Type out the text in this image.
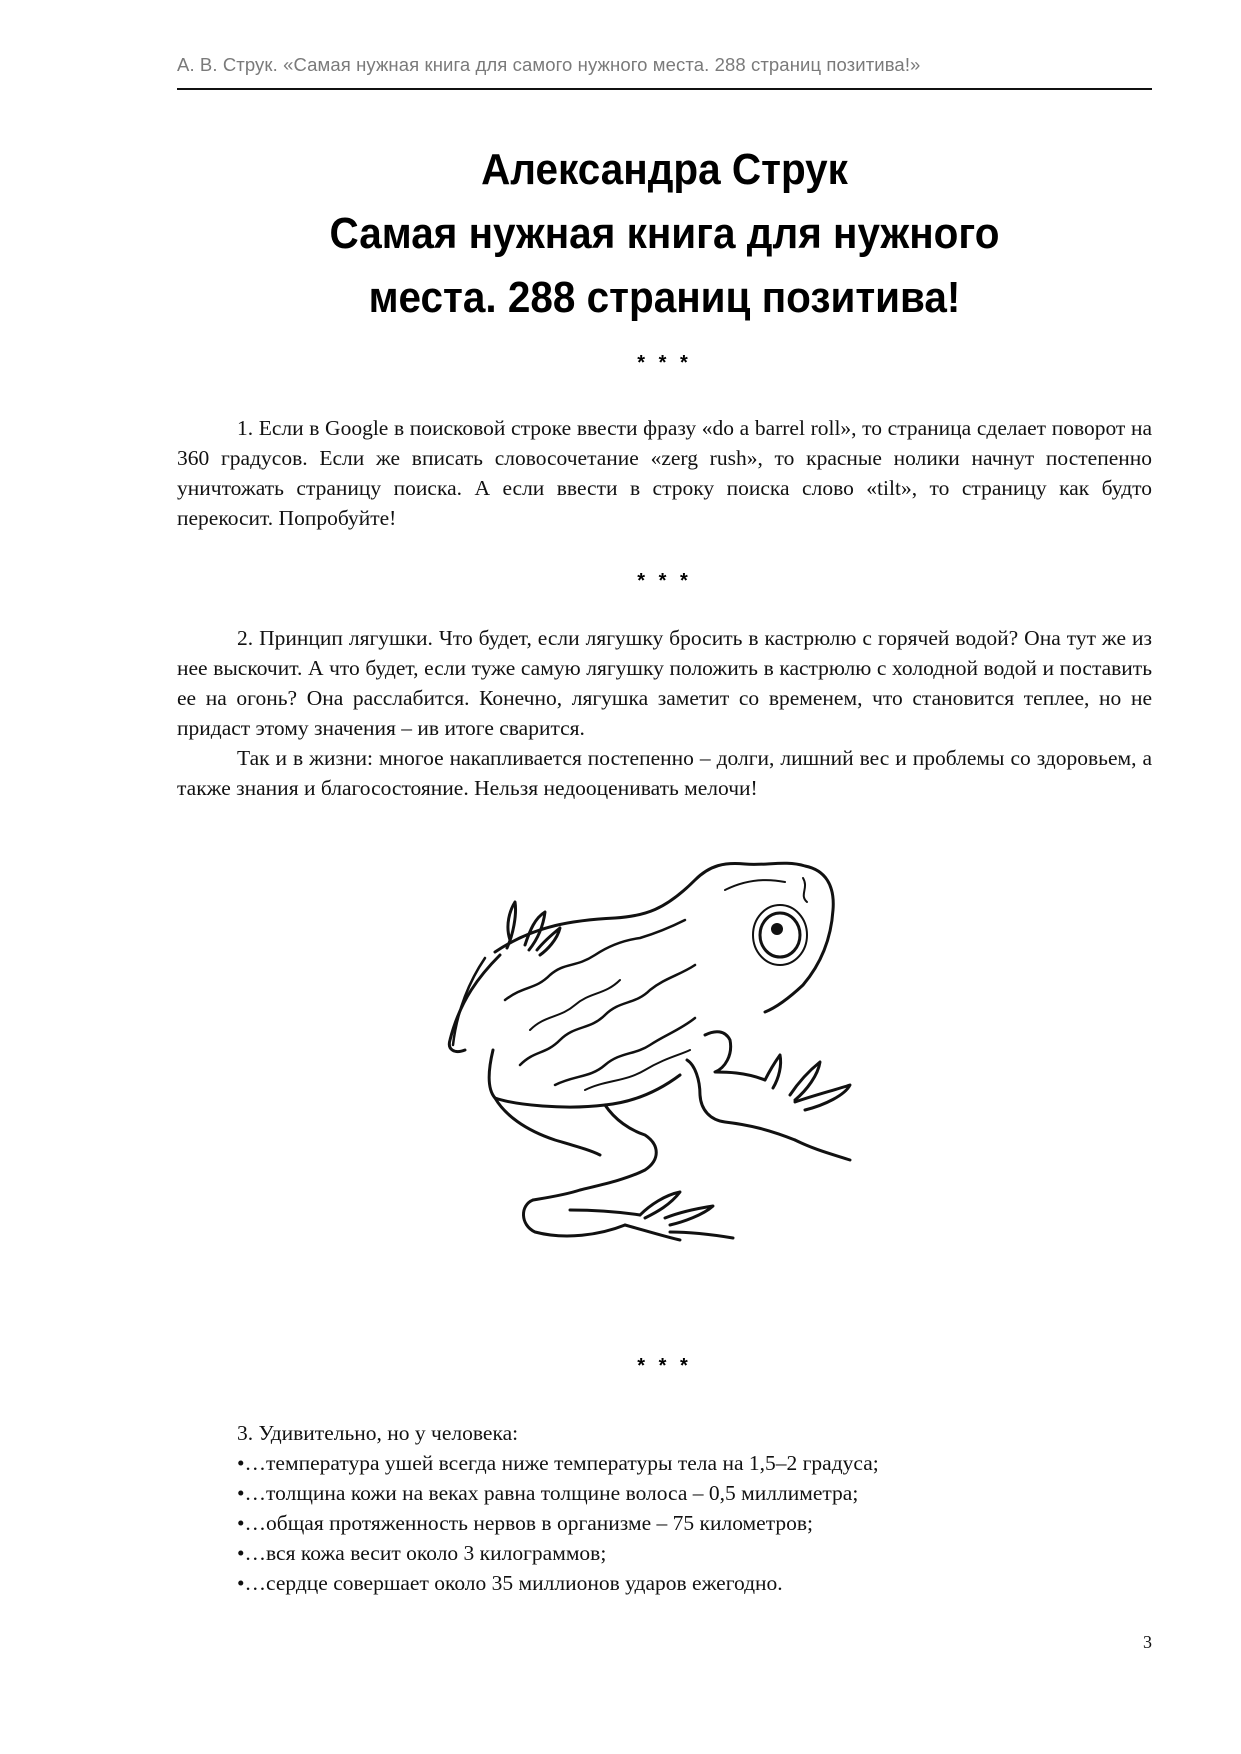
А. В. Струк. «Самая нужная книга для самого нужного места. 288 страниц позитива!»
Александра Струк
Самая нужная книга для нужного
места. 288 страниц позитива!
* * *

1. Если в Google в поисковой строке ввести фразу «do a barrel roll», то страница сделает поворот на 360 градусов. Если же вписать словосочетание «zerg rush», то красные нолики начнут постепенно уничтожать страницу поиска. А если ввести в строку поиска слово «tilt», то страницу как будто перекосит. Попробуйте!

* * *

2. Принцип лягушки. Что будет, если лягушку бросить в кастрюлю с горячей водой? Она тут же из нее выскочит. А что будет, если туже самую лягушку положить в кастрюлю с холодной водой и поставить ее на огонь? Она расслабится. Конечно, лягушка заметит со временем, что становится теплее, но не придаст этому значения – ив итоге сварится.

Так и в жизни: многое накапливается постепенно – долги, лишний вес и проблемы со здоровьем, а также знания и благосостояние. Нельзя недооценивать мелочи!

* * *
3. Удивительно, но у человека:
•…температура ушей всегда ниже температуры тела на 1,5–2 градуса;
•…толщина кожи на веках равна толщине волоса – 0,5 миллиметра;
•…общая протяженность нервов в организме – 75 километров;
•…вся кожа весит около 3 килограммов;
•…сердце совершает около 35 миллионов ударов ежегодно.
3
